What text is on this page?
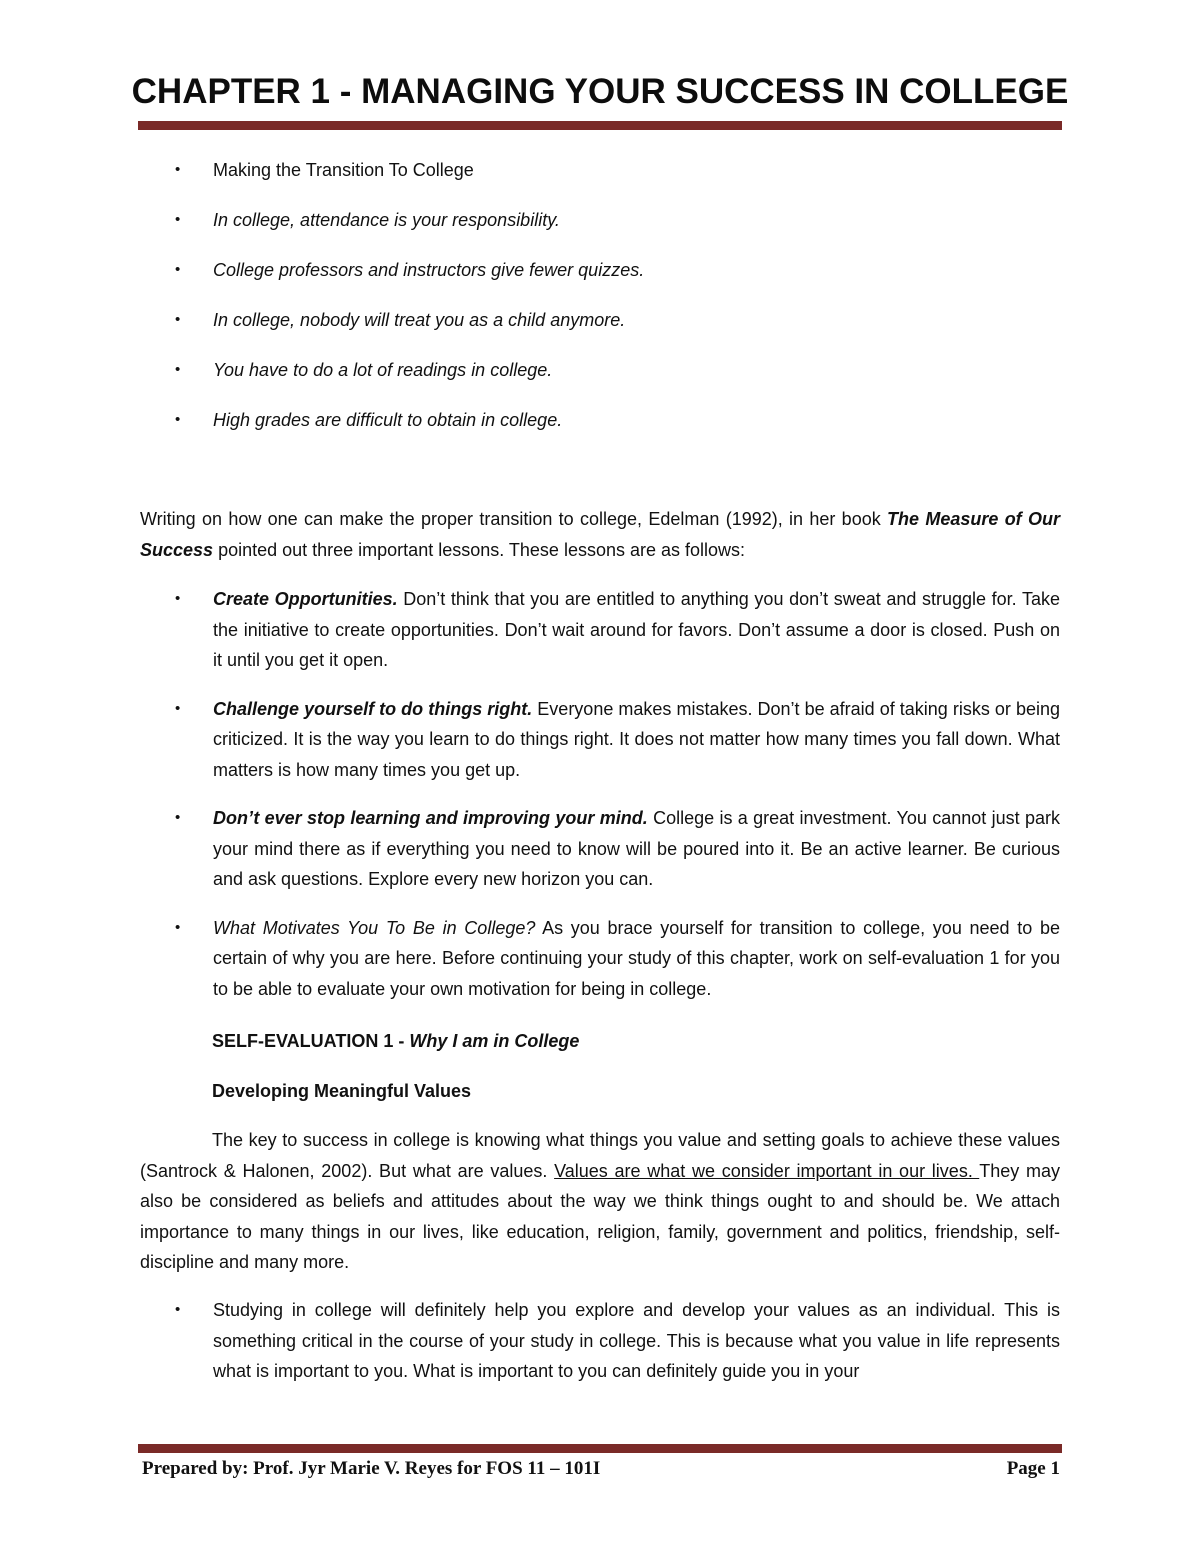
CHAPTER 1 - MANAGING YOUR SUCCESS IN COLLEGE
• Making the Transition To College
• In college, attendance is your responsibility.
• College professors and instructors give fewer quizzes.
• In college, nobody will treat you as a child anymore.
• You have to do a lot of readings in college.
• High grades are difficult to obtain in college.

Writing on how one can make the proper transition to college, Edelman (1992), in her book The Measure of Our Success pointed out three important lessons. These lessons are as follows:

• Create Opportunities. Don’t think that you are entitled to anything you don’t sweat and struggle for. Take the initiative to create opportunities. Don’t wait around for favors. Don’t assume a door is closed. Push on it until you get it open.
• Challenge yourself to do things right. Everyone makes mistakes. Don’t be afraid of taking risks or being criticized. It is the way you learn to do things right. It does not matter how many times you fall down. What matters is how many times you get up.
• Don’t ever stop learning and improving your mind. College is a great investment. You cannot just park your mind there as if everything you need to know will be poured into it. Be an active learner. Be curious and ask questions. Explore every new horizon you can.
• What Motivates You To Be in College? As you brace yourself for transition to college, you need to be certain of why you are here. Before continuing your study of this chapter, work on self-evaluation 1 for you to be able to evaluate your own motivation for being in college.
SELF-EVALUATION 1 - Why I am in College
Developing Meaningful Values

The key to success in college is knowing what things you value and setting goals to achieve these values (Santrock & Halonen, 2002). But what are values. Values are what we consider important in our lives. They may also be considered as beliefs and attitudes about the way we think things ought to and should be. We attach importance to many things in our lives, like education, religion, family, government and politics, friendship, self-discipline and many more.

• Studying in college will definitely help you explore and develop your values as an individual. This is something critical in the course of your study in college. This is because what you value in life represents what is important to you. What is important to you can definitely guide you in your
Prepared by: Prof. Jyr Marie V. Reyes for FOS 11 – 101I	Page 1
